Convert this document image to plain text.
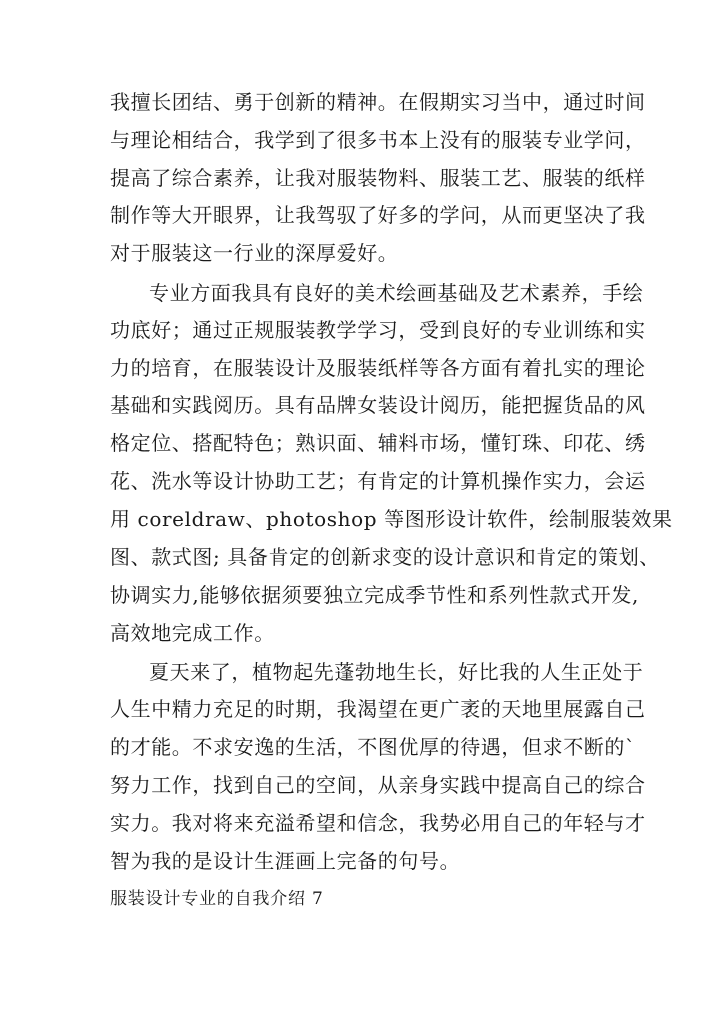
我擅长团结、勇于创新的精神。在假期实习当中，通过时间
与理论相结合，我学到了很多书本上没有的服装专业学问，
提高了综合素养，让我对服装物料、服装工艺、服装的纸样
制作等大开眼界，让我驾驭了好多的学问，从而更坚决了我
对于服装这一行业的深厚爱好。
专业方面我具有良好的美术绘画基础及艺术素养，手绘
功底好；通过正规服装教学学习，受到良好的专业训练和实
力的培育，在服装设计及服装纸样等各方面有着扎实的理论
基础和实践阅历。具有品牌女装设计阅历，能把握货品的风
格定位、搭配特色；熟识面、辅料市场，懂钉珠、印花、绣
花、洗水等设计协助工艺；有肯定的计算机操作实力，会运
用 coreldraw、photoshop 等图形设计软件，绘制服装效果
图、款式图; 具备肯定的创新求变的设计意识和肯定的策划、
协调实力,能够依据须要独立完成季节性和系列性款式开发,
高效地完成工作。
夏天来了，植物起先蓬勃地生长，好比我的人生正处于
人生中精力充足的时期，我渴望在更广袤的天地里展露自己
的才能。不求安逸的生活，不图优厚的待遇，但求不断的`
努力工作，找到自己的空间，从亲身实践中提高自己的综合
实力。我对将来充溢希望和信念，我势必用自己的年轻与才
智为我的是设计生涯画上完备的句号。
服装设计专业的自我介绍 7
